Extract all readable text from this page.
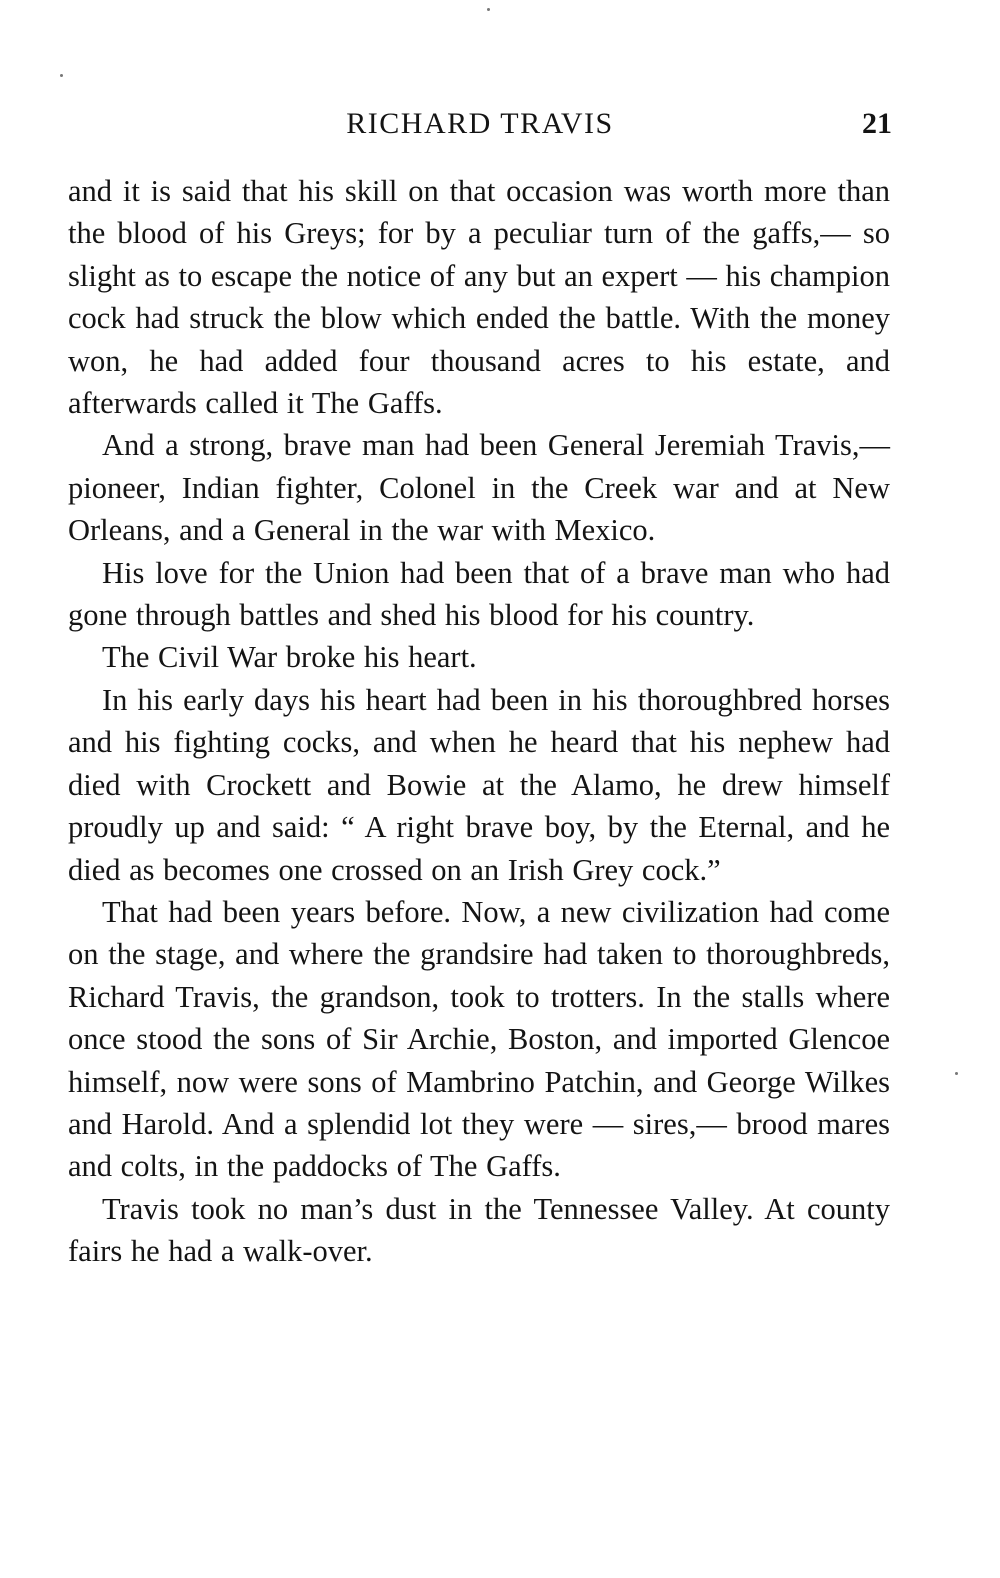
RICHARD TRAVIS	21

and it is said that his skill on that occasion was worth more than the blood of his Greys; for by a peculiar turn of the gaffs,— so slight as to escape the notice of any but an expert — his champion cock had struck the blow which ended the battle. With the money won, he had added four thousand acres to his estate, and afterwards called it The Gaffs.

And a strong, brave man had been General Jeremiah Travis,— pioneer, Indian fighter, Colonel in the Creek war and at New Orleans, and a General in the war with Mexico.

His love for the Union had been that of a brave man who had gone through battles and shed his blood for his country.

The Civil War broke his heart.

In his early days his heart had been in his thoroughbred horses and his fighting cocks, and when he heard that his nephew had died with Crockett and Bowie at the Alamo, he drew himself proudly up and said: “ A right brave boy, by the Eternal, and he died as becomes one crossed on an Irish Grey cock.”

That had been years before. Now, a new civilization had come on the stage, and where the grandsire had taken to thoroughbreds, Richard Travis, the grandson, took to trotters. In the stalls where once stood the sons of Sir Archie, Boston, and imported Glencoe himself, now were sons of Mambrino Patchin, and George Wilkes and Harold. And a splendid lot they were — sires,— brood mares and colts, in the paddocks of The Gaffs.

Travis took no man’s dust in the Tennessee Valley. At county fairs he had a walk-over.
